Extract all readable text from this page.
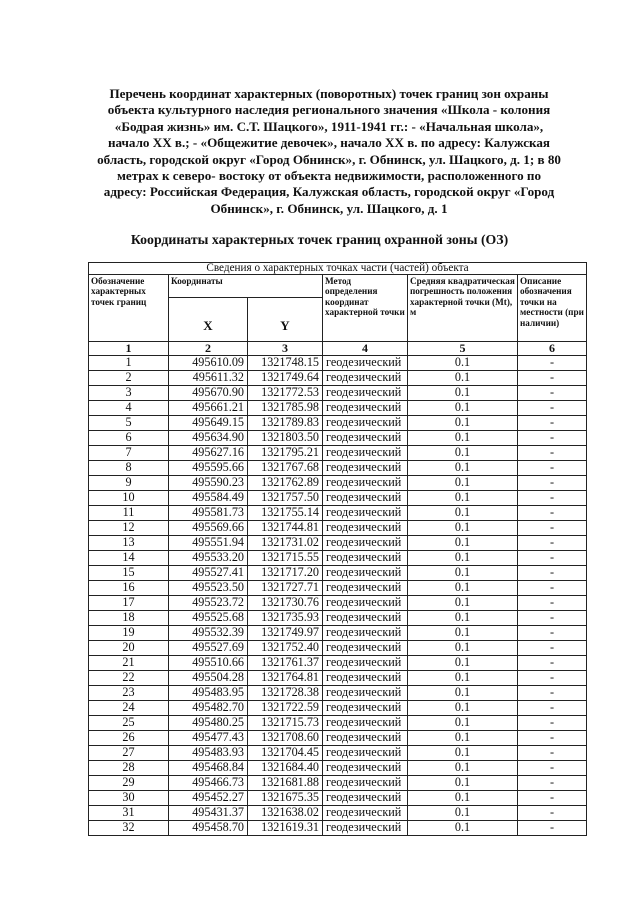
Перечень координат характерных (поворотных) точек границ зон охраны объекта культурного наследия регионального значения «Школа - колония «Бодрая жизнь» им. С.Т. Шацкого», 1911-1941 гг.: - «Начальная школа», начало XX в.; - «Общежитие девочек», начало XX в. по адресу: Калужская область, городской округ «Город Обнинск», г. Обнинск, ул. Шацкого, д. 1; в 80 метрах к северо- востоку от объекта недвижимости, расположенного по адресу: Российская Федерация, Калужская область, городской округ «Город Обнинск», г. Обнинск, ул. Шацкого, д. 1
Координаты характерных точек границ охранной зоны (ОЗ)
Сведения о характерных точках части (частей) объекта					
Обозначение характерных точек границ	Координаты		Метод определения координат характерной точки	Средняя квадратическая погрешность положения характерной точки (Mt), м	Описание обозначения точки на местности (при наличии)
	X	Y			
1	2	3	4	5	6
1	495610.09	1321748.15	геодезический	0.1	-
2	495611.32	1321749.64	геодезический	0.1	-
3	495670.90	1321772.53	геодезический	0.1	-
4	495661.21	1321785.98	геодезический	0.1	-
5	495649.15	1321789.83	геодезический	0.1	-
6	495634.90	1321803.50	геодезический	0.1	-
7	495627.16	1321795.21	геодезический	0.1	-
8	495595.66	1321767.68	геодезический	0.1	-
9	495590.23	1321762.89	геодезический	0.1	-
10	495584.49	1321757.50	геодезический	0.1	-
11	495581.73	1321755.14	геодезический	0.1	-
12	495569.66	1321744.81	геодезический	0.1	-
13	495551.94	1321731.02	геодезический	0.1	-
14	495533.20	1321715.55	геодезический	0.1	-
15	495527.41	1321717.20	геодезический	0.1	-
16	495523.50	1321727.71	геодезический	0.1	-
17	495523.72	1321730.76	геодезический	0.1	-
18	495525.68	1321735.93	геодезический	0.1	-
19	495532.39	1321749.97	геодезический	0.1	-
20	495527.69	1321752.40	геодезический	0.1	-
21	495510.66	1321761.37	геодезический	0.1	-
22	495504.28	1321764.81	геодезический	0.1	-
23	495483.95	1321728.38	геодезический	0.1	-
24	495482.70	1321722.59	геодезический	0.1	-
25	495480.25	1321715.73	геодезический	0.1	-
26	495477.43	1321708.60	геодезический	0.1	-
27	495483.93	1321704.45	геодезический	0.1	-
28	495468.84	1321684.40	геодезический	0.1	-
29	495466.73	1321681.88	геодезический	0.1	-
30	495452.27	1321675.35	геодезический	0.1	-
31	495431.37	1321638.02	геодезический	0.1	-
32	495458.70	1321619.31	геодезический	0.1	-
